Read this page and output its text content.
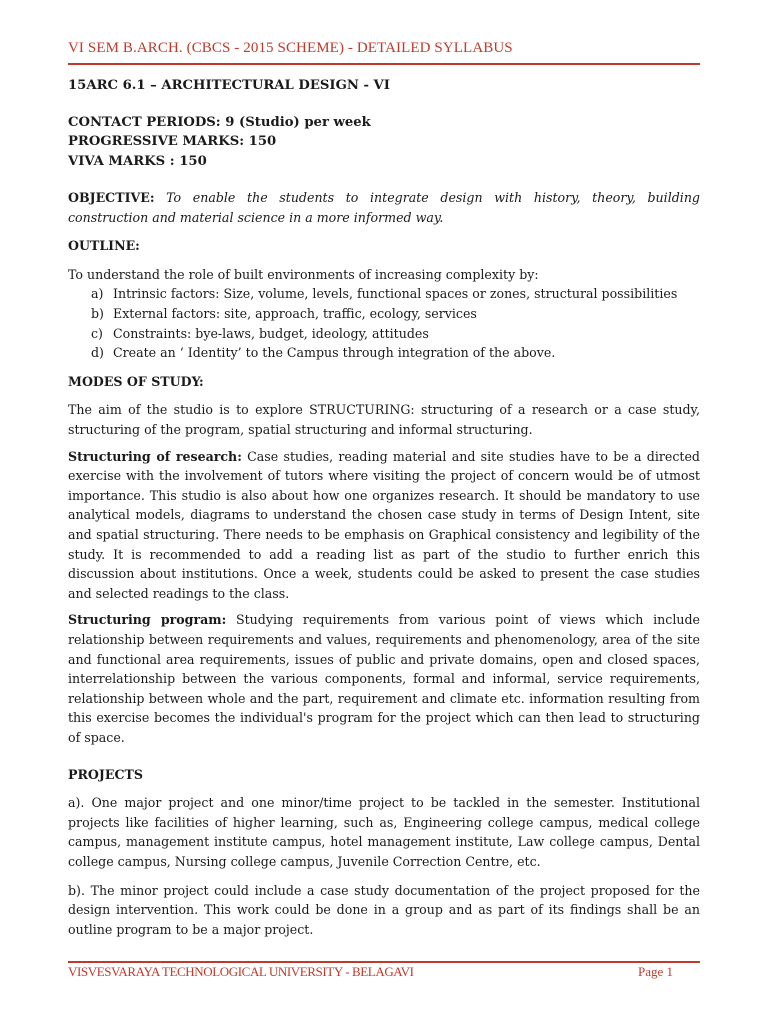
VI SEM B.ARCH. (CBCS - 2015 SCHEME) - DETAILED SYLLABUS

15ARC 6.1 – ARCHITECTURAL DESIGN - VI

CONTACT PERIODS: 9 (Studio) per week

PROGRESSIVE MARKS: 150

VIVA MARKS : 150

OBJECTIVE: To enable the students to integrate design with history, theory, building construction and material science in a more informed way.

OUTLINE:

To understand the role of built environments of increasing complexity by:

a) Intrinsic factors: Size, volume, levels, functional spaces or zones, structural possibilities
b) External factors: site, approach, traffic, ecology, services
c) Constraints: bye-laws, budget, ideology, attitudes
d) Create an ‘ Identity’ to the Campus through integration of the above.

MODES OF STUDY:

The aim of the studio is to explore STRUCTURING: structuring of a research or a case study, structuring of the program, spatial structuring and informal structuring.

Structuring of research: Case studies, reading material and site studies have to be a directed exercise with the involvement of tutors where visiting the project of concern would be of utmost importance. This studio is also about how one organizes research. It should be mandatory to use analytical models, diagrams to understand the chosen case study in terms of Design Intent, site and spatial structuring. There needs to be emphasis on Graphical consistency and legibility of the study. It is recommended to add a reading list as part of the studio to further enrich this discussion about institutions. Once a week, students could be asked to present the case studies and selected readings to the class.

Structuring program: Studying requirements from various point of views which include relationship between requirements and values, requirements and phenomenology, area of the site and functional area requirements, issues of public and private domains, open and closed spaces, interrelationship between the various components, formal and informal, service requirements, relationship between whole and the part, requirement and climate etc. information resulting from this exercise becomes the individual's program for the project which can then lead to structuring of space.

PROJECTS

a). One major project and one minor/time project to be tackled in the semester. Institutional projects like facilities of higher learning, such as, Engineering college campus, medical college campus, management institute campus, hotel management institute, Law college campus, Dental college campus, Nursing college campus, Juvenile Correction Centre, etc.

b). The minor project could include a case study documentation of the project proposed for the design intervention. This work could be done in a group and as part of its findings shall be an outline program to be a major project.

VISVESVARAYA TECHNOLOGICAL UNIVERSITY - BELAGAVI	Page 1
